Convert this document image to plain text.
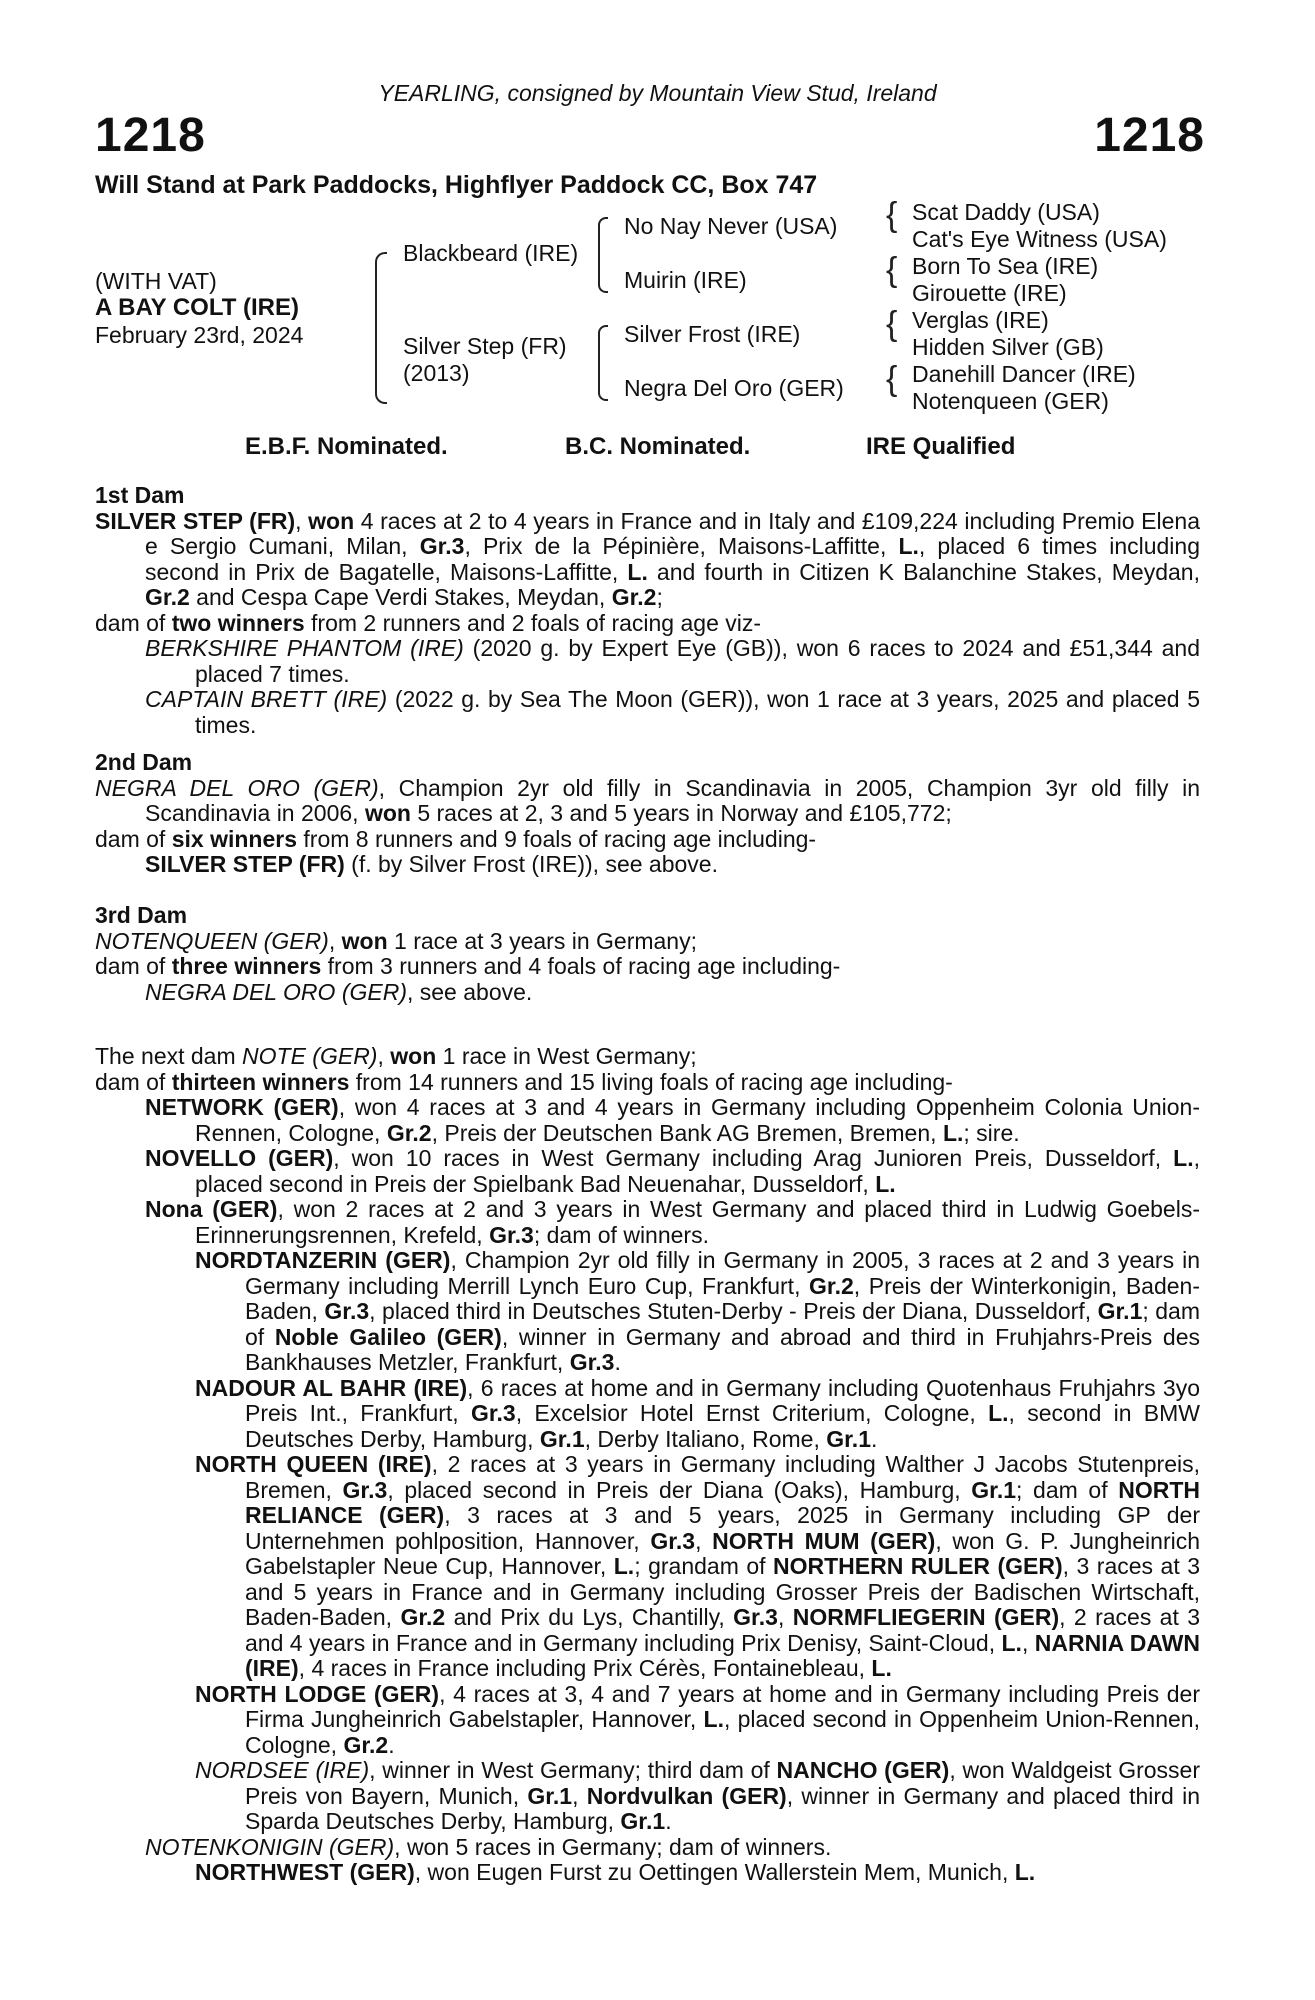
YEARLING, consigned by Mountain View Stud, Ireland
1218	1218
Will Stand at Park Paddocks, Highflyer Paddock CC, Box 747
(WITH VAT)
A BAY COLT (IRE)
February 23rd, 2024
{
{
{
{
Blackbeard (IRE)
Silver Step (FR)
(2013)
No Nay Never (USA)
Muirin (IRE)
Silver Frost (IRE)
Negra Del Oro (GER)
Scat Daddy (USA)
Cat's Eye Witness (USA)
Born To Sea (IRE)
Girouette (IRE)
Verglas (IRE)
Hidden Silver (GB)
Danehill Dancer (IRE)
Notenqueen (GER)
E.B.F. Nominated.	B.C. Nominated.	IRE Qualified
1st Dam
SILVER STEP (FR), won 4 races at 2 to 4 years in France and in Italy and £109,224 including Premio Elena e Sergio Cumani, Milan, Gr.3, Prix de la Pépinière, Maisons-Laffitte, L., placed 6 times including second in Prix de Bagatelle, Maisons-Laffitte, L. and fourth in Citizen K Balanchine Stakes, Meydan, Gr.2 and Cespa Cape Verdi Stakes, Meydan, Gr.2;
dam of two winners from 2 runners and 2 foals of racing age viz-
BERKSHIRE PHANTOM (IRE) (2020 g. by Expert Eye (GB)), won 6 races to 2024 and £51,344 and placed 7 times.
CAPTAIN BRETT (IRE) (2022 g. by Sea The Moon (GER)), won 1 race at 3 years, 2025 and placed 5 times.
2nd Dam
NEGRA DEL ORO (GER), Champion 2yr old filly in Scandinavia in 2005, Champion 3yr old filly in Scandinavia in 2006, won 5 races at 2, 3 and 5 years in Norway and £105,772;
dam of six winners from 8 runners and 9 foals of racing age including-
SILVER STEP (FR) (f. by Silver Frost (IRE)), see above.
3rd Dam
NOTENQUEEN (GER), won 1 race at 3 years in Germany;
dam of three winners from 3 runners and 4 foals of racing age including-
NEGRA DEL ORO (GER), see above.
The next dam NOTE (GER), won 1 race in West Germany;
dam of thirteen winners from 14 runners and 15 living foals of racing age including-
NETWORK (GER), won 4 races at 3 and 4 years in Germany including Oppenheim Colonia Union-Rennen, Cologne, Gr.2, Preis der Deutschen Bank AG Bremen, Bremen, L.; sire.
NOVELLO (GER), won 10 races in West Germany including Arag Junioren Preis, Dusseldorf, L., placed second in Preis der Spielbank Bad Neuenahar, Dusseldorf, L.
Nona (GER), won 2 races at 2 and 3 years in West Germany and placed third in Ludwig Goebels-Erinnerungsrennen, Krefeld, Gr.3; dam of winners.
NORDTANZERIN (GER), Champion 2yr old filly in Germany in 2005, 3 races at 2 and 3 years in Germany including Merrill Lynch Euro Cup, Frankfurt, Gr.2, Preis der Winterkonigin, Baden-Baden, Gr.3, placed third in Deutsches Stuten-Derby - Preis der Diana, Dusseldorf, Gr.1; dam of Noble Galileo (GER), winner in Germany and abroad and third in Fruhjahrs-Preis des Bankhauses Metzler, Frankfurt, Gr.3.
NADOUR AL BAHR (IRE), 6 races at home and in Germany including Quotenhaus Fruhjahrs 3yo Preis Int., Frankfurt, Gr.3, Excelsior Hotel Ernst Criterium, Cologne, L., second in BMW Deutsches Derby, Hamburg, Gr.1, Derby Italiano, Rome, Gr.1.
NORTH QUEEN (IRE), 2 races at 3 years in Germany including Walther J Jacobs Stutenpreis, Bremen, Gr.3, placed second in Preis der Diana (Oaks), Hamburg, Gr.1; dam of NORTH RELIANCE (GER), 3 races at 3 and 5 years, 2025 in Germany including GP der Unternehmen pohlposition, Hannover, Gr.3, NORTH MUM (GER), won G. P. Jungheinrich Gabelstapler Neue Cup, Hannover, L.; grandam of NORTHERN RULER (GER), 3 races at 3 and 5 years in France and in Germany including Grosser Preis der Badischen Wirtschaft, Baden-Baden, Gr.2 and Prix du Lys, Chantilly, Gr.3, NORMFLIEGERIN (GER), 2 races at 3 and 4 years in France and in Germany including Prix Denisy, Saint-Cloud, L., NARNIA DAWN (IRE), 4 races in France including Prix Cérès, Fontainebleau, L.
NORTH LODGE (GER), 4 races at 3, 4 and 7 years at home and in Germany including Preis der Firma Jungheinrich Gabelstapler, Hannover, L., placed second in Oppenheim Union-Rennen, Cologne, Gr.2.
NORDSEE (IRE), winner in West Germany; third dam of NANCHO (GER), won Waldgeist Grosser Preis von Bayern, Munich, Gr.1, Nordvulkan (GER), winner in Germany and placed third in Sparda Deutsches Derby, Hamburg, Gr.1.
NOTENKONIGIN (GER), won 5 races in Germany; dam of winners.
NORTHWEST (GER), won Eugen Furst zu Oettingen Wallerstein Mem, Munich, L.
